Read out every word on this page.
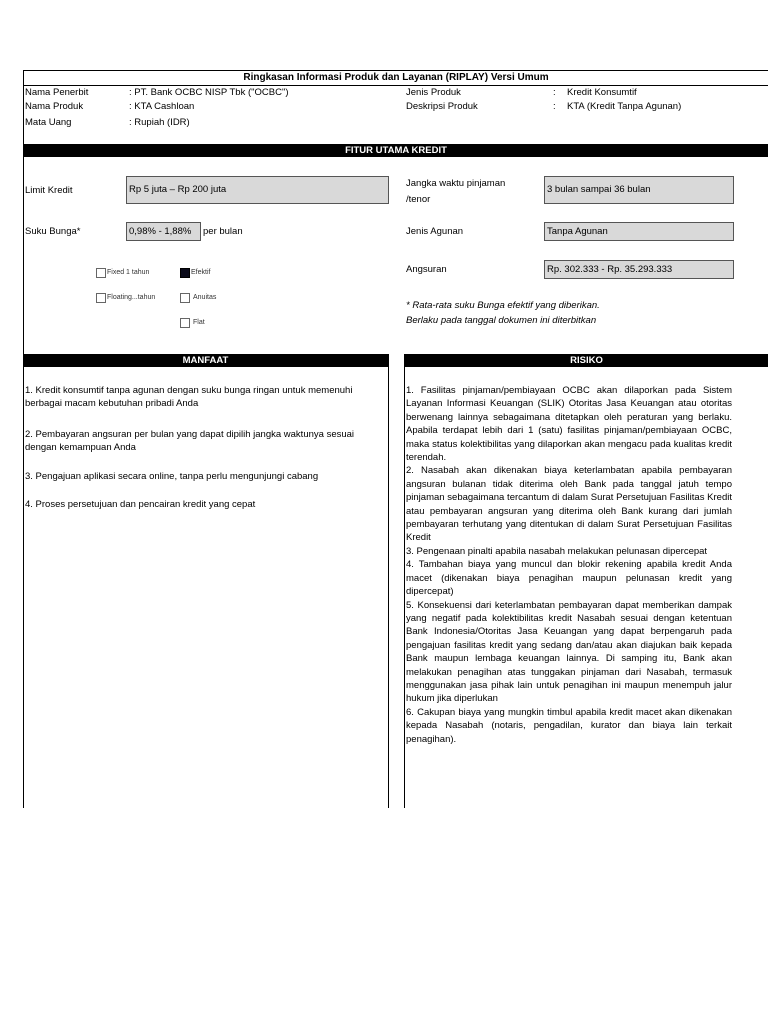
Ringkasan Informasi Produk dan Layanan (RIPLAY) Versi Umum
Nama Penerbit	: PT. Bank OCBC NISP Tbk ("OCBC")
Nama Produk	: KTA Cashloan
Mata Uang	: Rupiah (IDR)
Jenis Produk	: Kredit Konsumtif
Deskripsi Produk	: KTA (Kredit Tanpa Agunan)
FITUR UTAMA KREDIT
Limit Kredit	Rp 5 juta – Rp 200 juta
Suku Bunga*	0,98% - 1,88%	per bulan
Fixed 1 tahun	Efektif
Floating...tahun	Anuitas
Flat
Jangka waktu pinjaman
/tenor
3 bulan sampai 36 bulan
Jenis Agunan	Tanpa Agunan
Angsuran	Rp. 302.333 - Rp. 35.293.333
* Rata-rata suku Bunga efektif yang diberikan.
Berlaku pada tanggal dokumen ini diterbitkan
MANFAAT	RISIKO
1. Kredit konsumtif tanpa agunan dengan suku bunga ringan untuk memenuhi berbagai macam kebutuhan pribadi Anda
2. Pembayaran angsuran per bulan yang dapat dipilih jangka waktunya sesuai dengan kemampuan Anda
3. Pengajuan aplikasi secara online, tanpa perlu mengunjungi cabang
4. Proses persetujuan dan pencairan kredit yang cepat

1. Fasilitas pinjaman/pembiayaan OCBC akan dilaporkan pada Sistem Layanan Informasi Keuangan (SLIK) Otoritas Jasa Keuangan atau otoritas berwenang lainnya sebagaimana ditetapkan oleh peraturan yang berlaku. Apabila terdapat lebih dari 1 (satu) fasilitas pinjaman/pembiayaan OCBC, maka status kolektibilitas yang dilaporkan akan mengacu pada kualitas kredit terendah.

2. Nasabah akan dikenakan biaya keterlambatan apabila pembayaran angsuran bulanan tidak diterima oleh Bank pada tanggal jatuh tempo pinjaman sebagaimana tercantum di dalam Surat Persetujuan Fasilitas Kredit atau pembayaran angsuran yang diterima oleh Bank kurang dari jumlah pembayaran terhutang yang ditentukan di dalam Surat Persetujuan Fasilitas Kredit

3. Pengenaan pinalti apabila nasabah melakukan pelunasan dipercepat

4. Tambahan biaya yang muncul dan blokir rekening apabila kredit Anda macet (dikenakan biaya penagihan maupun pelunasan kredit yang dipercepat)

5. Konsekuensi dari keterlambatan pembayaran dapat memberikan dampak yang negatif pada kolektibilitas kredit Nasabah sesuai dengan ketentuan Bank Indonesia/Otoritas Jasa Keuangan yang dapat berpengaruh pada pengajuan fasilitas kredit yang sedang dan/atau akan diajukan baik kepada Bank maupun lembaga keuangan lainnya. Di samping itu, Bank akan melakukan penagihan atas tunggakan pinjaman dari Nasabah, termasuk menggunakan jasa pihak lain untuk penagihan ini maupun menempuh jalur hukum jika diperlukan

6. Cakupan biaya yang mungkin timbul apabila kredit macet akan dikenakan kepada Nasabah (notaris, pengadilan, kurator dan biaya lain terkait penagihan).
